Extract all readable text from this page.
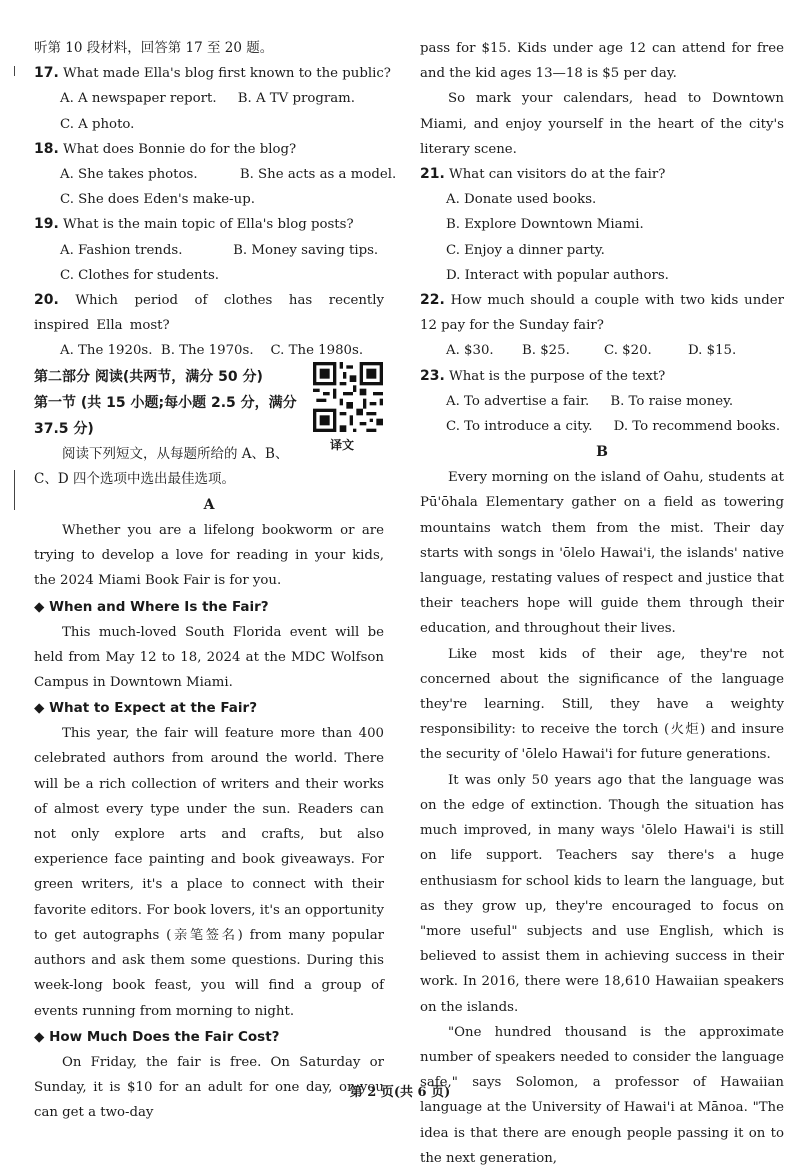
听第 10 段材料，回答第 17 至 20 题。
17. What made Ella's blog first known to the public?
A. A newspaper report.     B. A TV program.
C. A photo.
18. What does Bonnie do for the blog?
A. She takes photos.          B. She acts as a model.
C. She does Eden's make-up.
19. What is the main topic of Ella's blog posts?
A. Fashion trends.            B. Money saving tips.
C. Clothes for students.
20. Which period of clothes has recently inspired Ella most?
A. The 1920s.  B. The 1970s.    C. The 1980s.
第二部分 阅读(共两节，满分 50 分)
第一节 (共 15 小题;每小题 2.5 分，满分
37.5 分)
阅读下列短文，从每题所给的 A、B、
C、D 四个选项中选出最佳选项。
A

Whether you are a lifelong bookworm or are trying to develop a love for reading in your kids, the 2024 Miami Book Fair is for you.

◆ When and Where Is the Fair?

This much-loved South Florida event will be held from May 12 to 18, 2024 at the MDC Wolfson Campus in Downtown Miami.

◆ What to Expect at the Fair?

This year, the fair will feature more than 400 celebrated authors from around the world. There will be a rich collection of writers and their works of almost every type under the sun. Readers can not only explore arts and crafts, but also experience face painting and book giveaways. For green writers, it's a place to connect with their favorite editors. For book lovers, it's an opportunity to get autographs (亲笔签名) from many popular authors and ask them some questions. During this week-long book feast, you will find a group of events running from morning to night.

◆ How Much Does the Fair Cost?

On Friday, the fair is free. On Saturday or Sunday, it is $10 for an adult for one day, or you can get a two-day

译文

pass for $15. Kids under age 12 can attend for free and the kid ages 13—18 is $5 per day.

So mark your calendars, head to Downtown Miami, and enjoy yourself in the heart of the city's literary scene.

21. What can visitors do at the fair?
A. Donate used books.
B. Explore Downtown Miami.
C. Enjoy a dinner party.
D. Interact with popular authors.
22. How much should a couple with two kids under 12 pay for the Sunday fair?
A. $30. B. $25.	C. $20.	D. $15.
23. What is the purpose of the text?
A. To advertise a fair.     B. To raise money.
C. To introduce a city.     D. To recommend books.
B

Every morning on the island of Oahu, students at Pū'ōhala Elementary gather on a field as towering mountains watch them from the mist. Their day starts with songs in 'ōlelo Hawai'i, the islands' native language, restating values of respect and justice that their teachers hope will guide them through their education, and throughout their lives.

Like most kids of their age, they're not concerned about the significance of the language they're learning. Still, they have a weighty responsibility: to receive the torch (火炬) and insure the security of 'ōlelo Hawai'i for future generations.

It was only 50 years ago that the language was on the edge of extinction. Though the situation has much improved, in many ways 'ōlelo Hawai'i is still on life support. Teachers say there's a huge enthusiasm for school kids to learn the language, but as they grow up, they're encouraged to focus on "more useful" subjects and use English, which is believed to assist them in achieving success in their work. In 2016, there were 18,610 Hawaiian speakers on the islands.

"One hundred thousand is the approximate number of speakers needed to consider the language safe," says Solomon, a professor of Hawaiian language at the University of Hawai'i at Mānoa. "The idea is that there are enough people passing it on to the next generation,

第 2 页(共 6 页)
